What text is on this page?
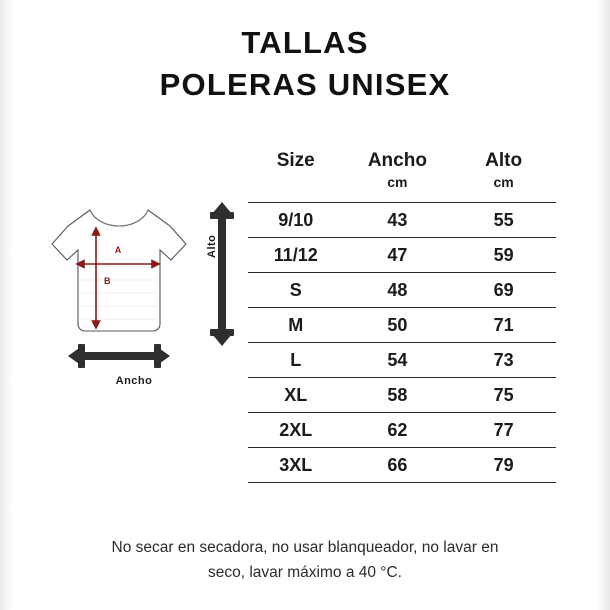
TALLAS
POLERAS UNISEX
A
B
Alto
Ancho
Size	Ancho	Alto
	cm	cm
9/10	43	55
11/12	47	59
S	48	69
M	50	71
L	54	73
XL	58	75
2XL	62	77
3XL	66	79
No secar en secadora, no usar blanqueador, no lavar en
seco, lavar máximo a 40 °C.
